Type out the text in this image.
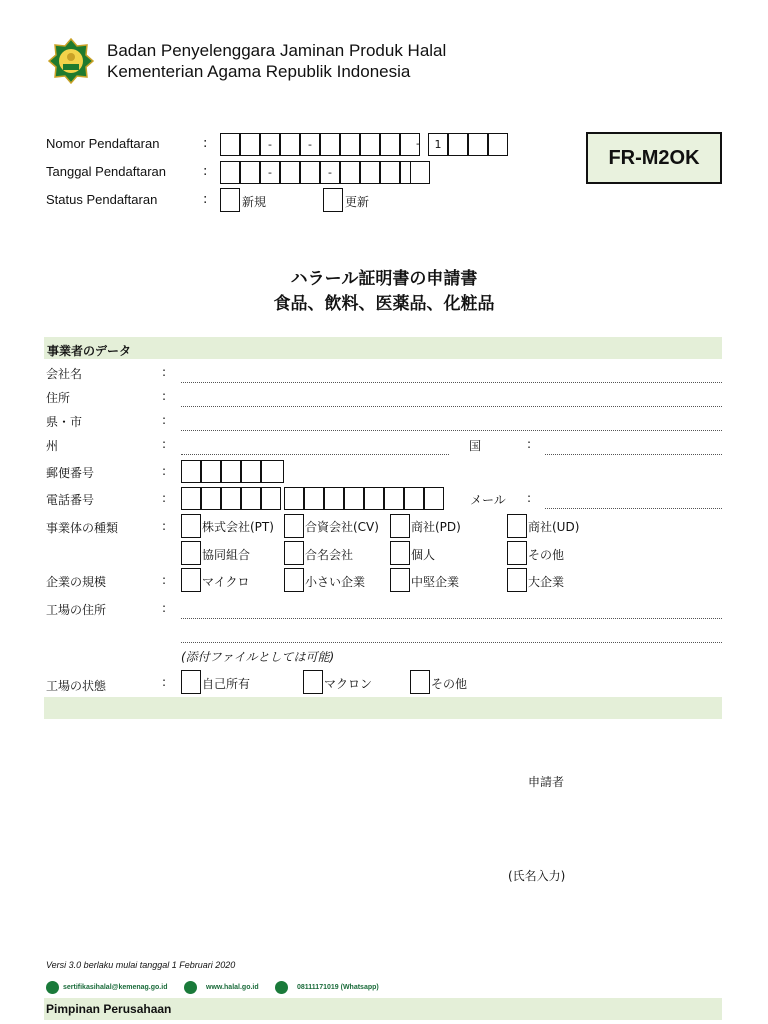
Badan Penyelenggara Jaminan Produk Halal
Kementerian Agama Republik Indonesia
Nomor Pendaftaran	:	-	-	-	1
Tanggal Pendaftaran	:	-	-
Status Pendaftaran	:	新規	更新
FR-M2OK
ハラール証明書の申請書
食品、飲料、医薬品、化粧品
事業者のデータ
会社名	:
住所	:
県・市	:
州	:	国	:
郵便番号	:
電話番号	:	メール :
事業体の種類	:	株式会社(PT)	合資会社(CV)	商社(PD)	商社(UD)
協同組合	合名会社	個人	その他
企業の規模	:	マイクロ	小さい企業	中堅企業	大企業
工場の住所	:
(添付ファイルとしては可能)
工場の状態	:	自己所有	マクロン	その他
申請者
(氏名入力)
Versi 3.0 berlaku mulai tanggal 1 Februari 2020
sertifikasihalal@kemenag.go.id	www.halal.go.id	08111171019 (Whatsapp)
Pimpinan Perusahaan
